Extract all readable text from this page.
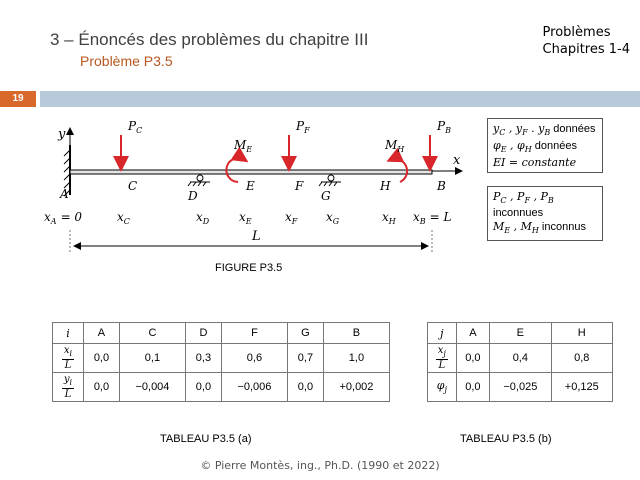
3 – Énoncés des problèmes du chapitre III
Problème P3.5
Problèmes
Chapitres 1-4
19
y
x
$P_C$	$P_F$	$P_B$
$M_E$	$M_H$
A
C
D
E	F
G
H	B
$x_A = 0$	$x_C$	$x_D$ $x_E$	$x_F$ $x_G$	$x_H$ $x_B = L$
L
$y_C$ , $y_F$ . $y_B$ données
$\varphi_E$ , $\varphi_H$ données
EI = constante
$P_C$ , $P_F$ , $P_B$ inconnues
$M_E$ , $M_H$ inconnus
FIGURE P3.5
i	A	C	D	F	G	B

$\frac{x_i}{L}$	0,0	0,1	0,3	0,6	0,7	1,0

$\frac{y_i}{L}$	0,0	−0,004	0,0	−0,006	0,0	+0,002
j	A	E	H

$\frac{x_j}{L}$	0,0	0,4	0,8
$\varphi_j$	0,0	−0,025	+0,125
TABLEAU P3.5 (a)	TABLEAU P3.5 (b)
© Pierre Montès, ing., Ph.D. (1990 et 2022)
